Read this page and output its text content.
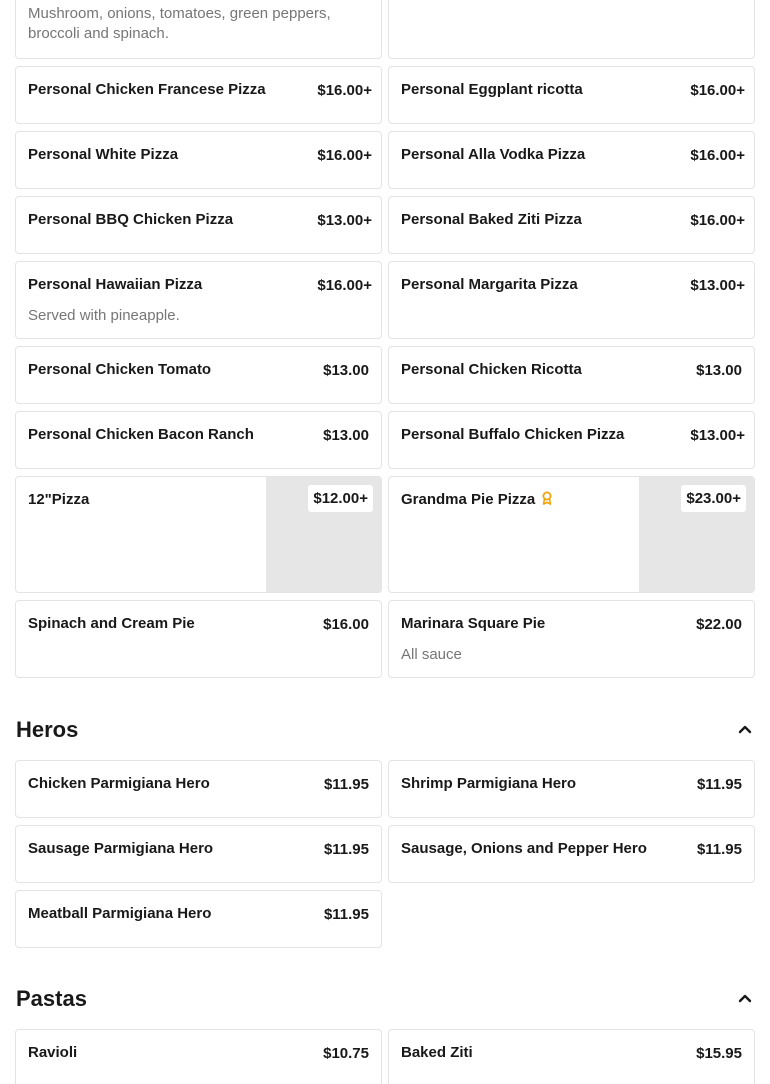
Mushroom, onions, tomatoes, green peppers, broccoli and spinach.
Personal Chicken Francese Pizza	$16.00+ Personal Eggplant ricotta	$16.00+
Personal White Pizza	$16.00+ Personal Alla Vodka Pizza	$16.00+
Personal BBQ Chicken Pizza	$13.00+ Personal Baked Ziti Pizza	$16.00+
Personal Hawaiian Pizza	$16.00+
Served with pineapple.
Personal Margarita Pizza	$13.00+
Personal Chicken Tomato	$13.00 Personal Chicken Ricotta	$13.00
Personal Chicken Bacon Ranch	$13.00 Personal Buffalo Chicken Pizza	$13.00+
12"Pizza	$12.00+	Grandma Pie Pizza	$23.00+
Spinach and Cream Pie	$16.00 Marinara Square Pie	$22.00
All sauce
Heros
Chicken Parmigiana Hero	$11.95 Shrimp Parmigiana Hero	$11.95
Sausage Parmigiana Hero	$11.95 Sausage, Onions and Pepper Hero	$11.95
Meatball Parmigiana Hero	$11.95
Pastas
Ravioli	$10.75 Baked Ziti	$15.95
